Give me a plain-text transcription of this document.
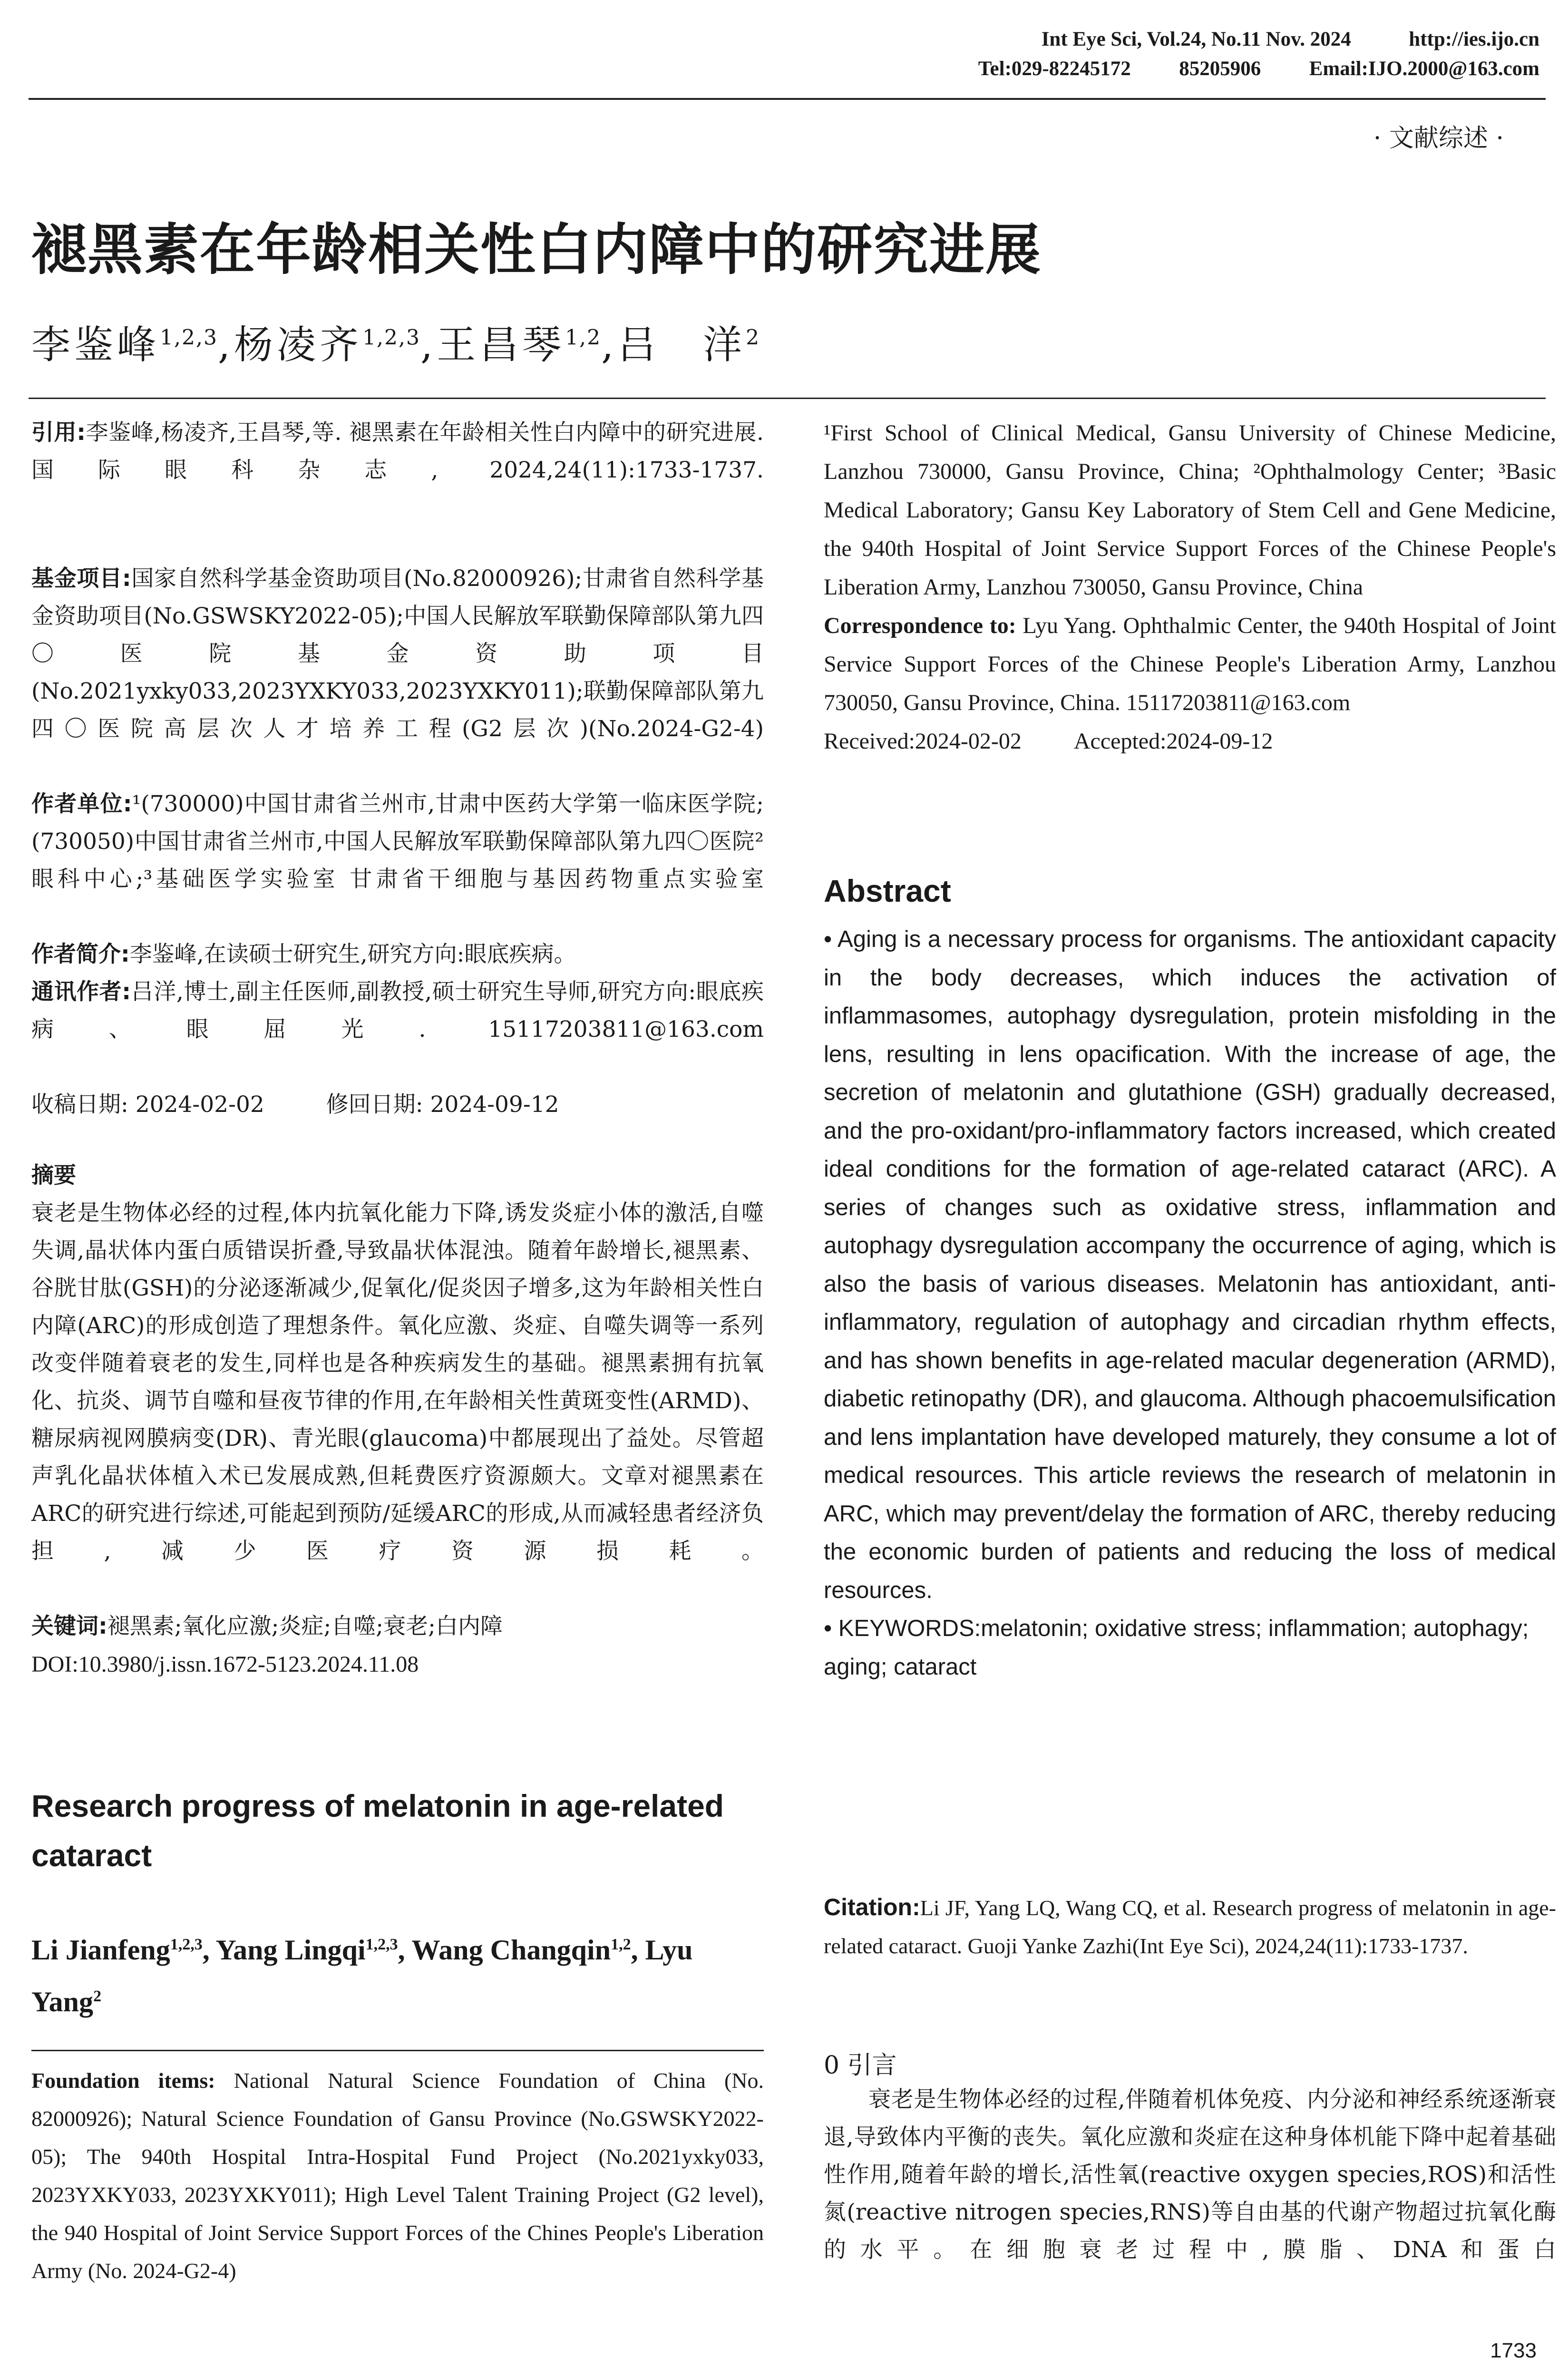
Int Eye Sci, Vol.24, No.11 Nov. 2024	http://ies.ijo.cn
Tel:029-82245172 85205906 Email:IJO.2000@163.com
· 文献综述 ·
褪黑素在年龄相关性白内障中的研究进展
李鉴峰$^{1,2,3}$,杨凌齐$^{1,2,3}$,王昌琴$^{1,2}$,吕　洋$^2$

引用:李鉴峰,杨凌齐,王昌琴,等. 褪黑素在年龄相关性白内障中的研究进展. 国际眼科杂志, 2024,24(11):1733-1737.

基金项目:国家自然科学基金资助项目(No.82000926);甘肃省自然科学基金资助项目(No.GSWSKY2022-05);中国人民解放军联勤保障部队第九四〇医院基金资助项目(No.2021yxky033,2023YXKY033,2023YXKY011);联勤保障部队第九四〇医院高层次人才培养工程(G2层次)(No.2024-G2-4)

作者单位:¹(730000)中国甘肃省兰州市,甘肃中医药大学第一临床医学院;(730050)中国甘肃省兰州市,中国人民解放军联勤保障部队第九四〇医院²眼科中心;³基础医学实验室 甘肃省干细胞与基因药物重点实验室

作者简介:李鉴峰,在读硕士研究生,研究方向:眼底疾病。

通讯作者:吕洋,博士,副主任医师,副教授,硕士研究生导师,研究方向:眼底疾病、眼屈光. 15117203811@163.com

收稿日期: 2024-02-02	修回日期: 2024-09-12

摘要

衰老是生物体必经的过程,体内抗氧化能力下降,诱发炎症小体的激活,自噬失调,晶状体内蛋白质错误折叠,导致晶状体混浊。随着年龄增长,褪黑素、谷胱甘肽(GSH)的分泌逐渐减少,促氧化/促炎因子增多,这为年龄相关性白内障(ARC)的形成创造了理想条件。氧化应激、炎症、自噬失调等一系列改变伴随着衰老的发生,同样也是各种疾病发生的基础。褪黑素拥有抗氧化、抗炎、调节自噬和昼夜节律的作用,在年龄相关性黄斑变性(ARMD)、糖尿病视网膜病变(DR)、青光眼(glaucoma)中都展现出了益处。尽管超声乳化晶状体植入术已发展成熟,但耗费医疗资源颇大。文章对褪黑素在ARC的研究进行综述,可能起到预防/延缓ARC的形成,从而减轻患者经济负担,减少医疗资源损耗。

关键词:褪黑素;氧化应激;炎症;自噬;衰老;白内障

DOI:10.3980/j.issn.1672-5123.2024.11.08

Research progress of melatonin in age-related cataract
Li Jianfeng$^{1,2,3}$, Yang Lingqi$^{1,2,3}$, Wang Changqin$^{1,2}$, Lyu Yang$^2$
Foundation items: National Natural Science Foundation of China (No. 82000926); Natural Science Foundation of Gansu Province (No.GSWSKY2022-05); The 940th Hospital Intra-Hospital Fund Project (No.2021yxky033, 2023YXKY033, 2023YXKY011); High Level Talent Training Project (G2 level), the 940 Hospital of Joint Service Support Forces of the Chines People's Liberation Army (No. 2024-G2-4)

¹First School of Clinical Medical, Gansu University of Chinese Medicine, Lanzhou 730000, Gansu Province, China; ²Ophthalmology Center; ³Basic Medical Laboratory; Gansu Key Laboratory of Stem Cell and Gene Medicine, the 940th Hospital of Joint Service Support Forces of the Chinese People's Liberation Army, Lanzhou 730050, Gansu Province, China

Correspondence to: Lyu Yang. Ophthalmic Center, the 940th Hospital of Joint Service Support Forces of the Chinese People's Liberation Army, Lanzhou 730050, Gansu Province, China. 15117203811@163.com

Received:2024-02-02 Accepted:2024-09-12

Abstract

• Aging is a necessary process for organisms. The antioxidant capacity in the body decreases, which induces the activation of inflammasomes, autophagy dysregulation, protein misfolding in the lens, resulting in lens opacification. With the increase of age, the secretion of melatonin and glutathione (GSH) gradually decreased, and the pro-oxidant/pro-inflammatory factors increased, which created ideal conditions for the formation of age-related cataract (ARC). A series of changes such as oxidative stress, inflammation and autophagy dysregulation accompany the occurrence of aging, which is also the basis of various diseases. Melatonin has antioxidant, anti-inflammatory, regulation of autophagy and circadian rhythm effects, and has shown benefits in age-related macular degeneration (ARMD), diabetic retinopathy (DR), and glaucoma. Although phacoemulsification and lens implantation have developed maturely, they consume a lot of medical resources. This article reviews the research of melatonin in ARC, which may prevent/delay the formation of ARC, thereby reducing the economic burden of patients and reducing the loss of medical resources.

• KEYWORDS:melatonin; oxidative stress; inflammation; autophagy; aging; cataract

Citation:Li JF, Yang LQ, Wang CQ, et al. Research progress of melatonin in age-related cataract. Guoji Yanke Zazhi(Int Eye Sci), 2024,24(11):1733-1737.
0 引言
衰老是生物体必经的过程,伴随着机体免疫、内分泌和神经系统逐渐衰退,导致体内平衡的丧失。氧化应激和炎症在这种身体机能下降中起着基础性作用,随着年龄的增长,活性氧(reactive oxygen species,ROS)和活性氮(reactive nitrogen species,RNS)等自由基的代谢产物超过抗氧化酶的水平。在细胞衰老过程中,膜脂、DNA和蛋白
1733
